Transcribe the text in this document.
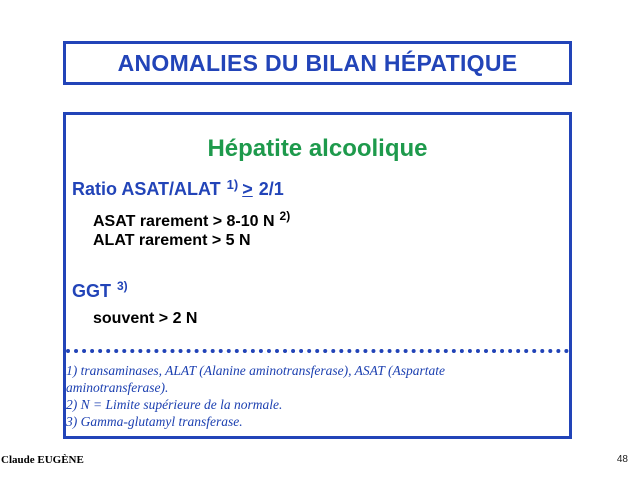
ANOMALIES DU BILAN HÉPATIQUE
Hépatite alcoolique
Ratio ASAT/ALAT $^{1)}$ > 2/1
ASAT rarement > 8-10 N $^{2)}$
ALAT rarement > 5 N
GGT $^{3)}$
souvent > 2 N
1) transaminases, ALAT (Alanine aminotransferase), ASAT (Aspartate
aminotransferase).
2) N = Limite supérieure de la normale.
3) Gamma-glutamyl transferase.
Claude EUGÈNE	48
